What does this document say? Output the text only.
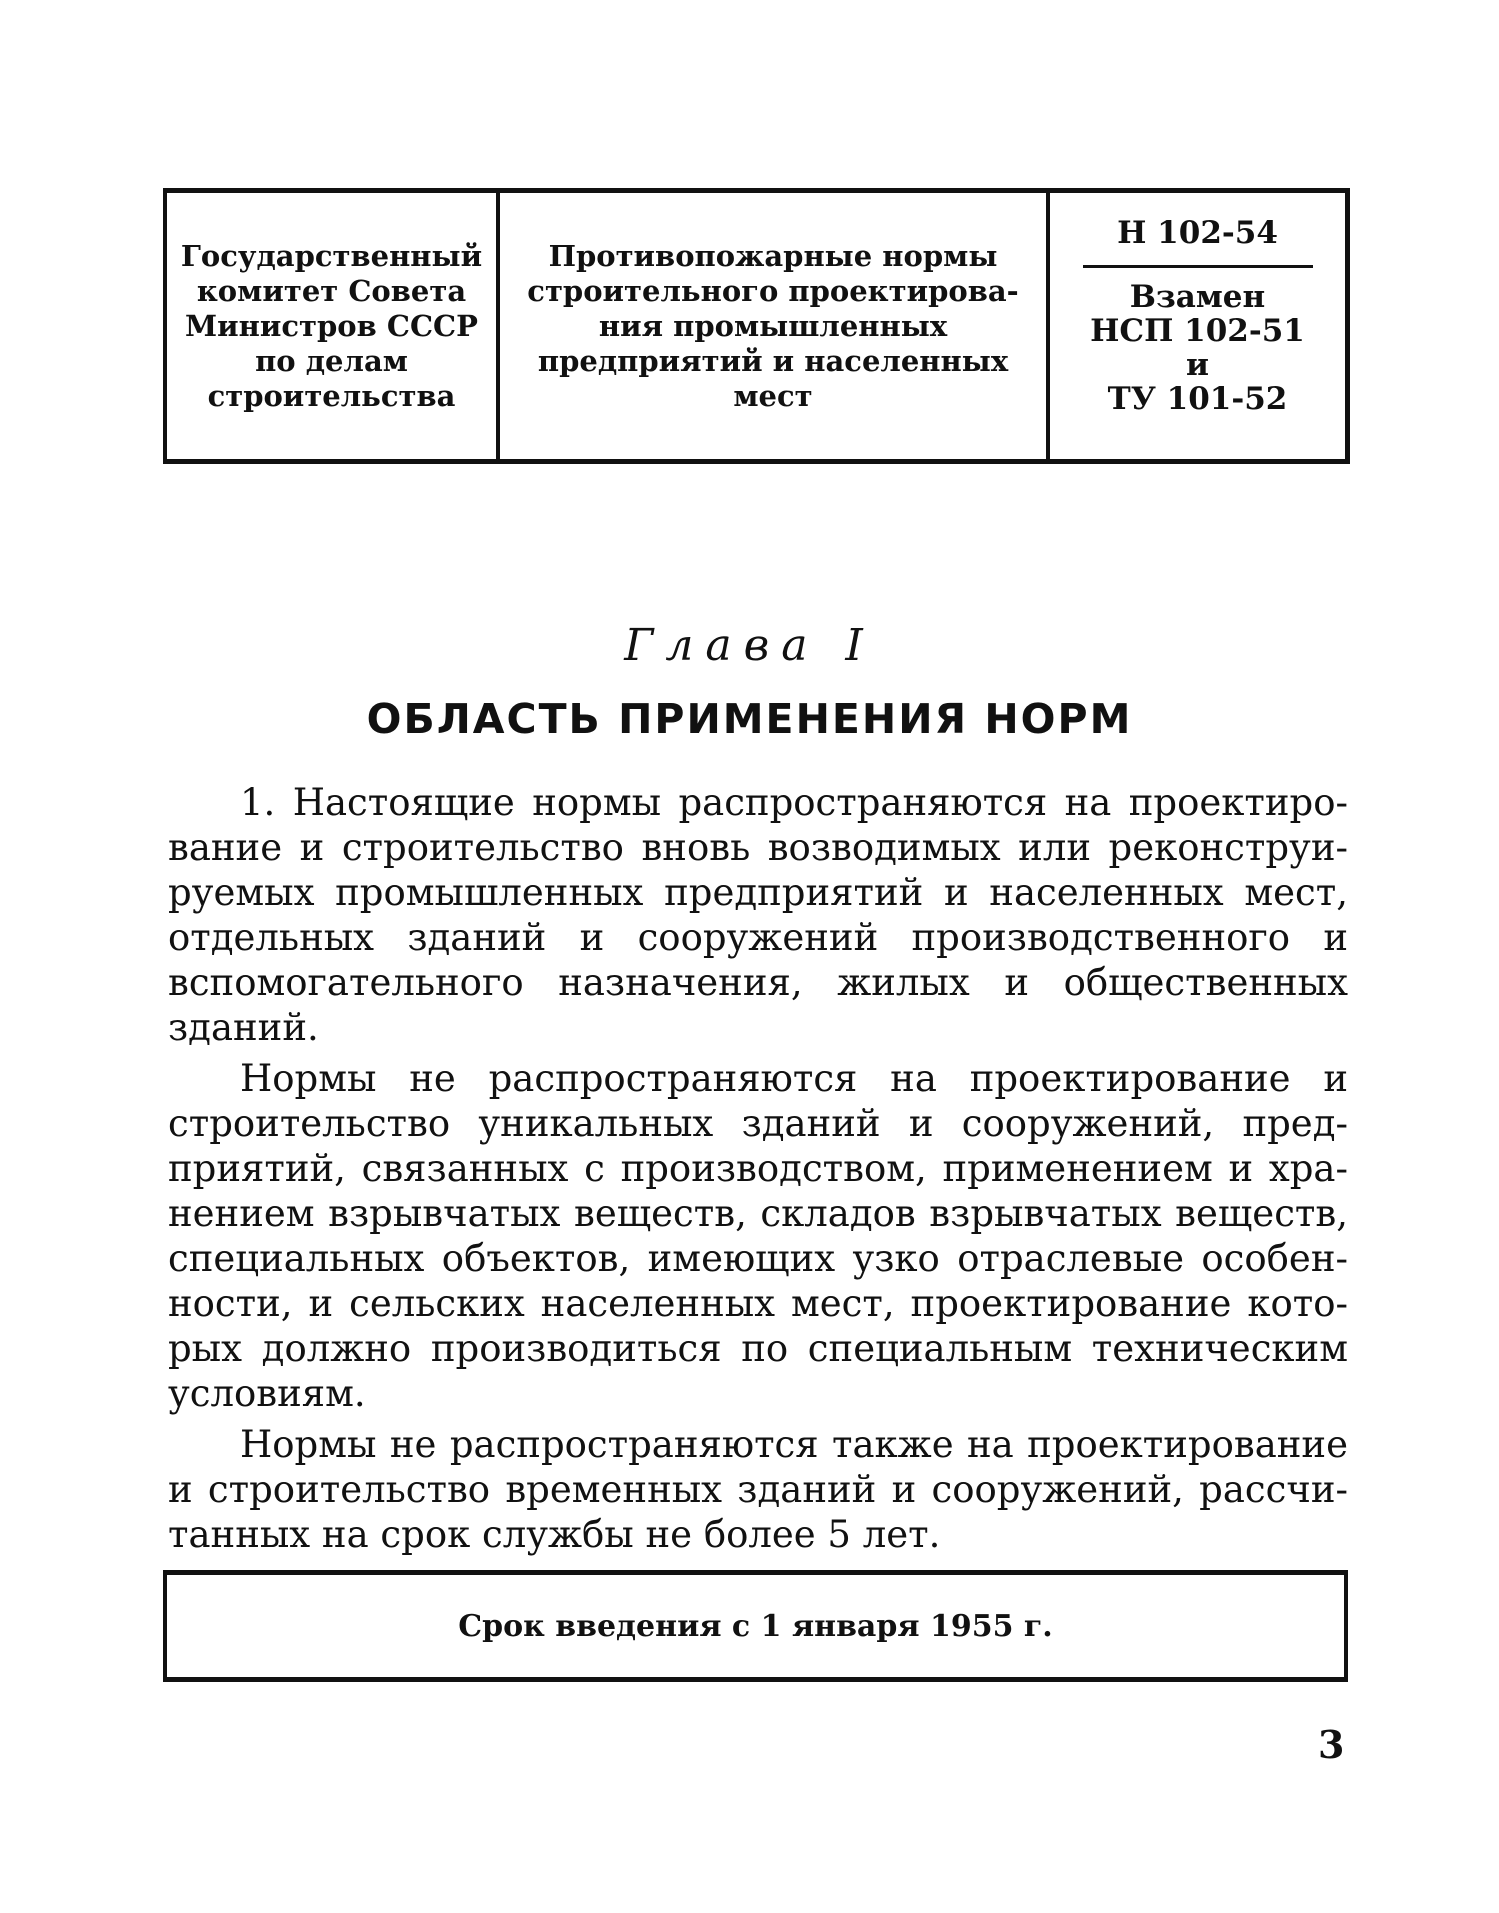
Государственный
комитет Совета
Министров СССР
по делам
строительства
Противопожарные нормы
строительного проектирова-
ния промышленных
предприятий и населенных
мест
Н 102-54
Взамен
НСП 102-51
и
ТУ 101-52
Глава I
ОБЛАСТЬ ПРИМЕНЕНИЯ НОРМ

1. Настоящие нормы распространяются на проектиро-
вание и строительство вновь возводимых или реконструи-
руемых промышленных предприятий и населенных мест,
отдельных зданий и сооружений производственного и
вспомогательного назначения, жилых и общественных
зданий.

Нормы не распространяются на проектирование и
строительство уникальных зданий и сооружений, пред-
приятий, связанных с производством, применением и хра-
нением взрывчатых веществ, складов взрывчатых веществ,
специальных объектов, имеющих узко отраслевые особен-
ности, и сельских населенных мест, проектирование кото-
рых должно производиться по специальным техническим
условиям.

Нормы не распространяются также на проектирование
и строительство временных зданий и сооружений, рассчи-
танных на срок службы не более 5 лет.

Срок введения с 1 января 1955 г.
3
